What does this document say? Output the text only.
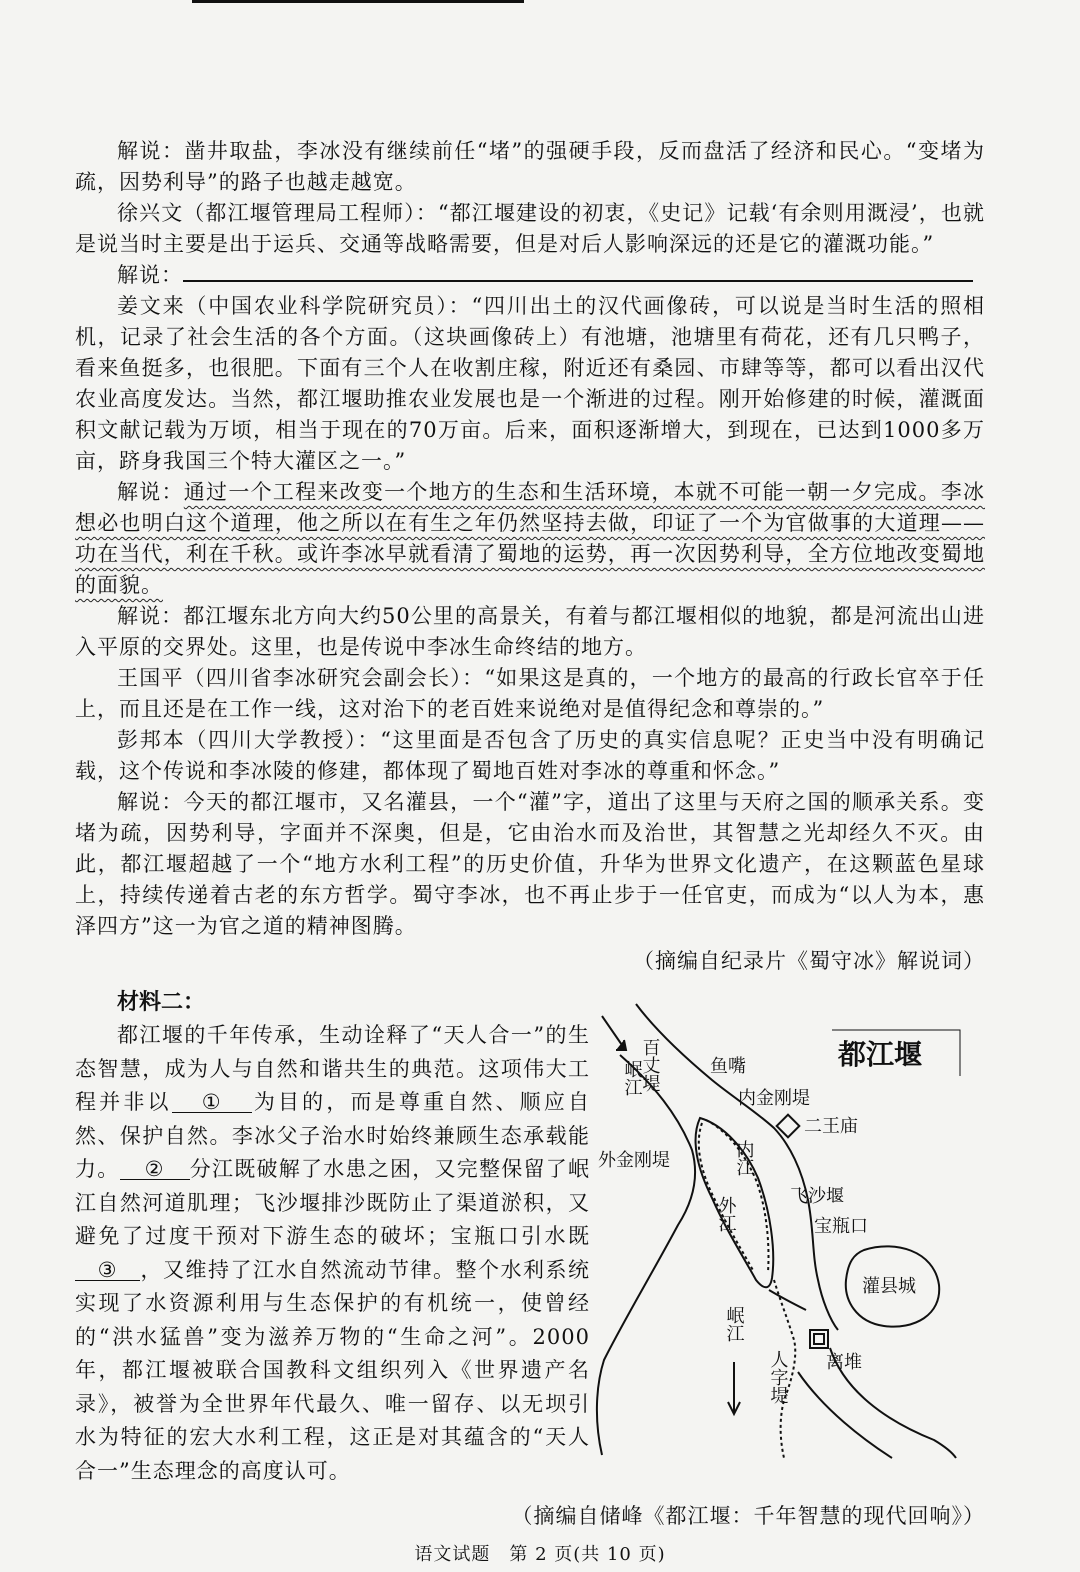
解说：凿井取盐，李冰没有继续前任“堵”的强硬手段，反而盘活了经济和民心。“变堵为疏，因势利导”的路子也越走越宽。

徐兴文（都江堰管理局工程师）：“都江堰建设的初衷，《史记》记载‘有余则用溉浸’，也就是说当时主要是出于运兵、交通等战略需要，但是对后人影响深远的还是它的灌溉功能。”

解说：

姜文来（中国农业科学院研究员）：“四川出土的汉代画像砖，可以说是当时生活的照相机，记录了社会生活的各个方面。（这块画像砖上）有池塘，池塘里有荷花，还有几只鸭子，看来鱼挺多，也很肥。下面有三个人在收割庄稼，附近还有桑园、市肆等等，都可以看出汉代农业高度发达。当然，都江堰助推农业发展也是一个渐进的过程。刚开始修建的时候，灌溉面积文献记载为万顷，相当于现在的70万亩。后来，面积逐渐增大，到现在，已达到1000多万亩，跻身我国三个特大灌区之一。”

解说：通过一个工程来改变一个地方的生态和生活环境，本就不可能一朝一夕完成。李冰想必也明白这个道理，他之所以在有生之年仍然坚持去做，印证了一个为官做事的大道理——功在当代，利在千秋。或许李冰早就看清了蜀地的运势，再一次因势利导，全方位地改变蜀地的面貌。

解说：都江堰东北方向大约50公里的高景关，有着与都江堰相似的地貌，都是河流出山进入平原的交界处。这里，也是传说中李冰生命终结的地方。

王国平（四川省李冰研究会副会长）：“如果这是真的，一个地方的最高的行政长官卒于任上，而且还是在工作一线，这对治下的老百姓来说绝对是值得纪念和尊崇的。”

彭邦本（四川大学教授）：“这里面是否包含了历史的真实信息呢？正史当中没有明确记载，这个传说和李冰陵的修建，都体现了蜀地百姓对李冰的尊重和怀念。”

解说：今天的都江堰市，又名灌县，一个“灌”字，道出了这里与天府之国的顺承关系。变堵为疏，因势利导，字面并不深奥，但是，它由治水而及治世，其智慧之光却经久不灭。由此，都江堰超越了一个“地方水利工程”的历史价值，升华为世界文化遗产，在这颗蓝色星球上，持续传递着古老的东方哲学。蜀守李冰，也不再止步于一任官吏，而成为“以人为本，惠泽四方”这一为官之道的精神图腾。

（摘编自纪录片《蜀守冰》解说词）

材料二：

都江堰的千年传承，生动诠释了“天人合一”的生态智慧，成为人与自然和谐共生的典范。这项伟大工程并非以 ① 为目的，而是尊重自然、顺应自然、保护自然。李冰父子治水时始终兼顾生态承载能力。 ② 分江既破解了水患之困，又完整保留了岷江自然河道肌理；飞沙堰排沙既防止了渠道淤积，又避免了过度干预对下游生态的破坏；宝瓶口引水既③ ，又维持了江水自然流动节律。整个水利系统实现了水资源利用与生态保护的有机统一，使曾经的“洪水猛兽”变为滋养万物的“生命之河”。2000年，都江堰被联合国教科文组织列入《世界遗产名录》，被誉为全世界年代最久、唯一留存、以无坝引水为特征的宏大水利工程，这正是对其蕴含的“天人合一”生态理念的高度认可。

都江堰
百丈堤
岷江	鱼嘴
内金刚堤
二王庙
内江
外金刚堤
外江	飞沙堰
宝瓶口
灌县城
岷江
人字堤 离堆

（摘编自储峰《都江堰：千年智慧的现代回响》）

语文试题　第 2 页(共 10 页)
